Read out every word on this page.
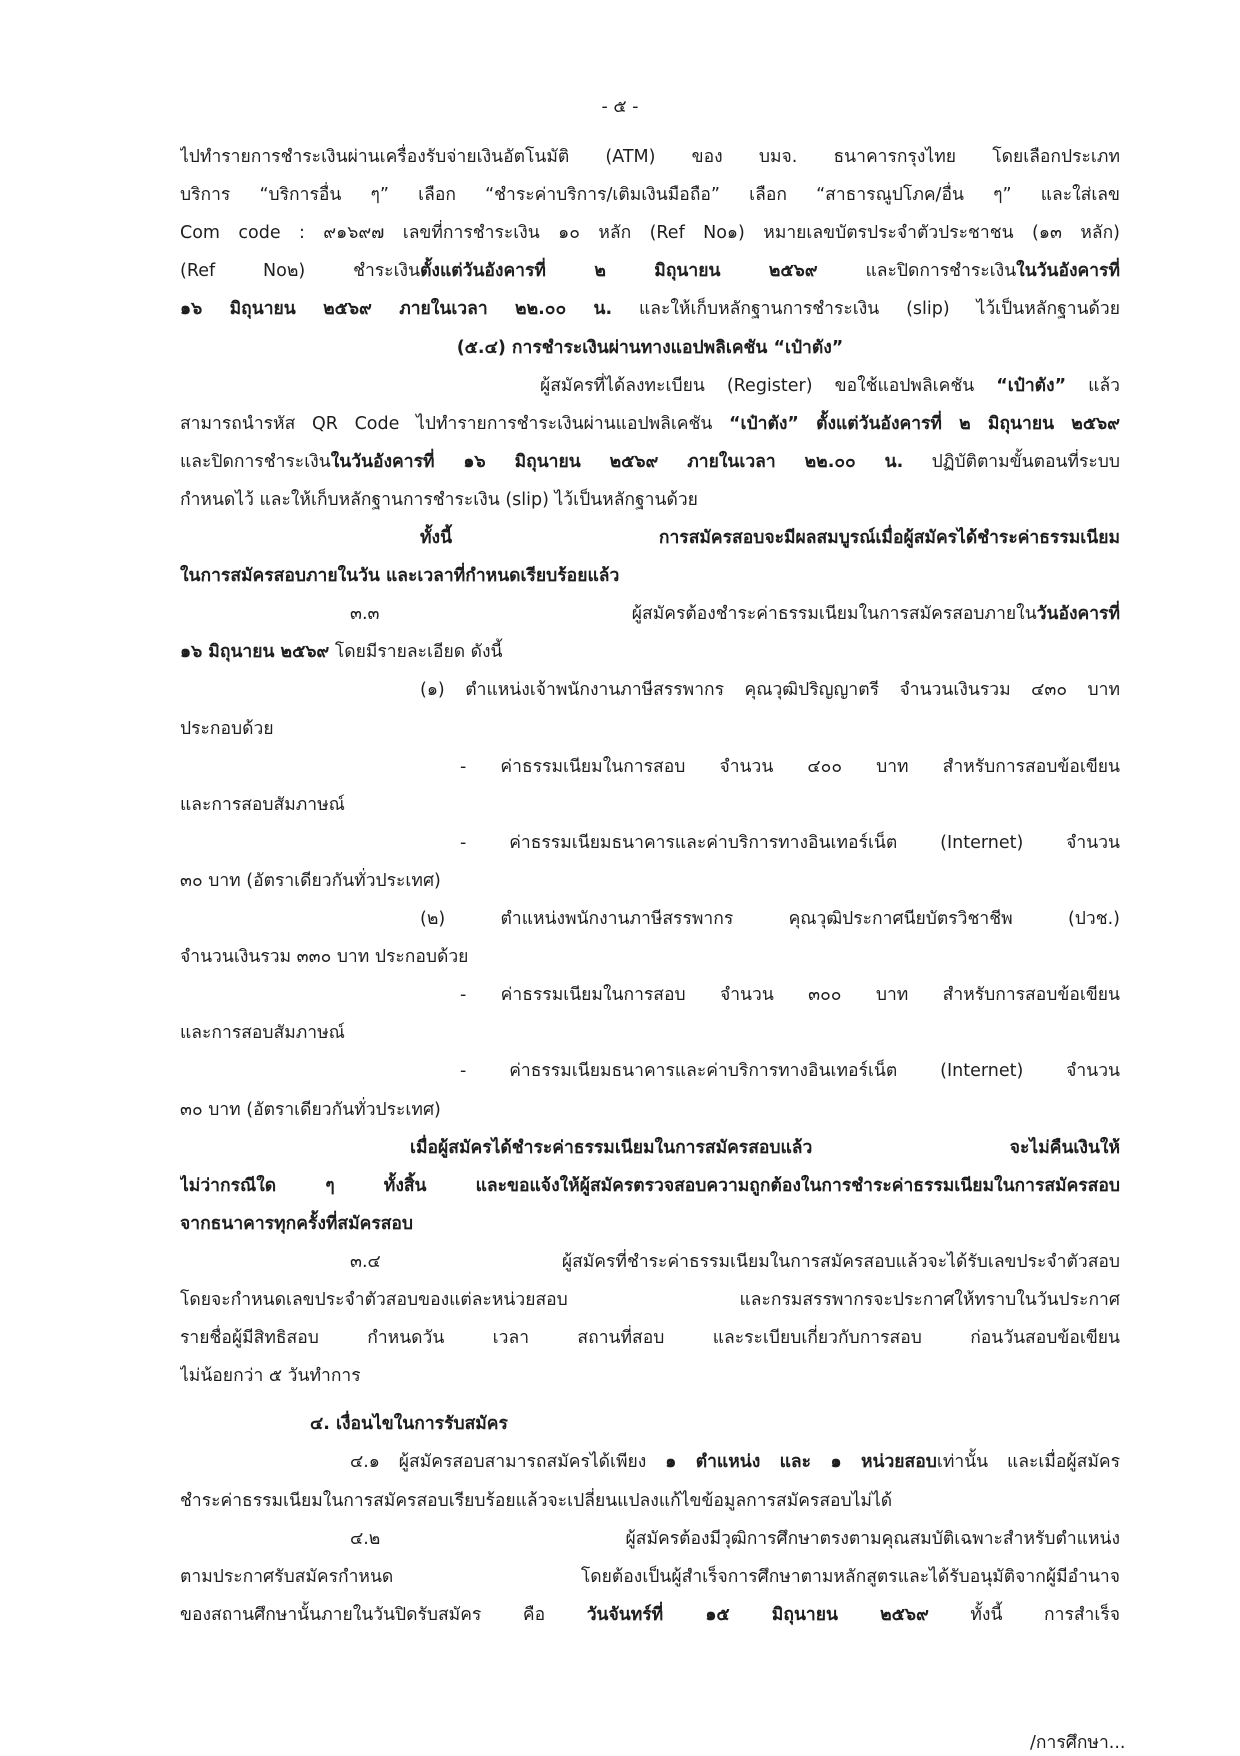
- ๕ -
ไปทำรายการชำระเงินผ่านเครื่องรับจ่ายเงินอัตโนมัติ (ATM) ของ บมจ. ธนาคารกรุงไทย โดยเลือกประเภท
บริการ “บริการอื่น ๆ” เลือก “ชำระค่าบริการ/เติมเงินมือถือ” เลือก “สาธารณูปโภค/อื่น ๆ” และใส่เลข
Com code : ๙๑๖๙๗ เลขที่การชำระเงิน ๑๐ หลัก (Ref No๑) หมายเลขบัตรประจำตัวประชาชน (๑๓ หลัก)
(Ref No๒) ชำระเงินตั้งแต่วันอังคารที่ ๒ มิถุนายน ๒๕๖๙ และปิดการชำระเงินในวันอังคารที่
๑๖ มิถุนายน ๒๕๖๙ ภายในเวลา ๒๒.๐๐ น. และให้เก็บหลักฐานการชำระเงิน (slip) ไว้เป็นหลักฐานด้วย
(๕.๔) การชำระเงินผ่านทางแอปพลิเคชัน “เป๋าตัง”
ผู้สมัครที่ได้ลงทะเบียน (Register) ขอใช้แอปพลิเคชัน “เป๋าตัง” แล้ว
สามารถนำรหัส QR Code ไปทำรายการชำระเงินผ่านแอปพลิเคชัน “เป๋าตัง” ตั้งแต่วันอังคารที่ ๒ มิถุนายน ๒๕๖๙
และปิดการชำระเงินในวันอังคารที่ ๑๖ มิถุนายน ๒๕๖๙ ภายในเวลา ๒๒.๐๐ น. ปฏิบัติตามขั้นตอนที่ระบบ
กำหนดไว้ และให้เก็บหลักฐานการชำระเงิน (slip) ไว้เป็นหลักฐานด้วย
ทั้งนี้ การสมัครสอบจะมีผลสมบูรณ์เมื่อผู้สมัครได้ชำระค่าธรรมเนียม
ในการสมัครสอบภายในวัน และเวลาที่กำหนดเรียบร้อยแล้ว
๓.๓ ผู้สมัครต้องชำระค่าธรรมเนียมในการสมัครสอบภายในวันอังคารที่
๑๖ มิถุนายน ๒๕๖๙ โดยมีรายละเอียด ดังนี้
(๑) ตำแหน่งเจ้าพนักงานภาษีสรรพากร คุณวุฒิปริญญาตรี จำนวนเงินรวม ๔๓๐ บาท
ประกอบด้วย
- ค่าธรรมเนียมในการสอบ จำนวน ๔๐๐ บาท สำหรับการสอบข้อเขียน
และการสอบสัมภาษณ์
- ค่าธรรมเนียมธนาคารและค่าบริการทางอินเทอร์เน็ต (Internet) จำนวน
๓๐ บาท (อัตราเดียวกันทั่วประเทศ)
(๒) ตำแหน่งพนักงานภาษีสรรพากร คุณวุฒิประกาศนียบัตรวิชาชีพ (ปวช.)
จำนวนเงินรวม ๓๓๐ บาท ประกอบด้วย
- ค่าธรรมเนียมในการสอบ จำนวน ๓๐๐ บาท สำหรับการสอบข้อเขียน
และการสอบสัมภาษณ์
- ค่าธรรมเนียมธนาคารและค่าบริการทางอินเทอร์เน็ต (Internet) จำนวน
๓๐ บาท (อัตราเดียวกันทั่วประเทศ)
เมื่อผู้สมัครได้ชำระค่าธรรมเนียมในการสมัครสอบแล้ว จะไม่คืนเงินให้
ไม่ว่ากรณีใด ๆ ทั้งสิ้น และขอแจ้งให้ผู้สมัครตรวจสอบความถูกต้องในการชำระค่าธรรมเนียมในการสมัครสอบ
จากธนาคารทุกครั้งที่สมัครสอบ
๓.๔ ผู้สมัครที่ชำระค่าธรรมเนียมในการสมัครสอบแล้วจะได้รับเลขประจำตัวสอบ
โดยจะกำหนดเลขประจำตัวสอบของแต่ละหน่วยสอบ และกรมสรรพากรจะประกาศให้ทราบในวันประกาศ
รายชื่อผู้มีสิทธิสอบ กำหนดวัน เวลา สถานที่สอบ และระเบียบเกี่ยวกับการสอบ ก่อนวันสอบข้อเขียน
ไม่น้อยกว่า ๕ วันทำการ
๔. เงื่อนไขในการรับสมัคร
๔.๑ ผู้สมัครสอบสามารถสมัครได้เพียง ๑ ตำแหน่ง และ ๑ หน่วยสอบเท่านั้น และเมื่อผู้สมัคร
ชำระค่าธรรมเนียมในการสมัครสอบเรียบร้อยแล้วจะเปลี่ยนแปลงแก้ไขข้อมูลการสมัครสอบไม่ได้
๔.๒ ผู้สมัครต้องมีวุฒิการศึกษาตรงตามคุณสมบัติเฉพาะสำหรับตำแหน่ง
ตามประกาศรับสมัครกำหนด โดยต้องเป็นผู้สำเร็จการศึกษาตามหลักสูตรและได้รับอนุมัติจากผู้มีอำนาจ
ของสถานศึกษานั้นภายในวันปิดรับสมัคร คือ วันจันทร์ที่ ๑๕ มิถุนายน ๒๕๖๙ ทั้งนี้ การสำเร็จ
/การศึกษา...
